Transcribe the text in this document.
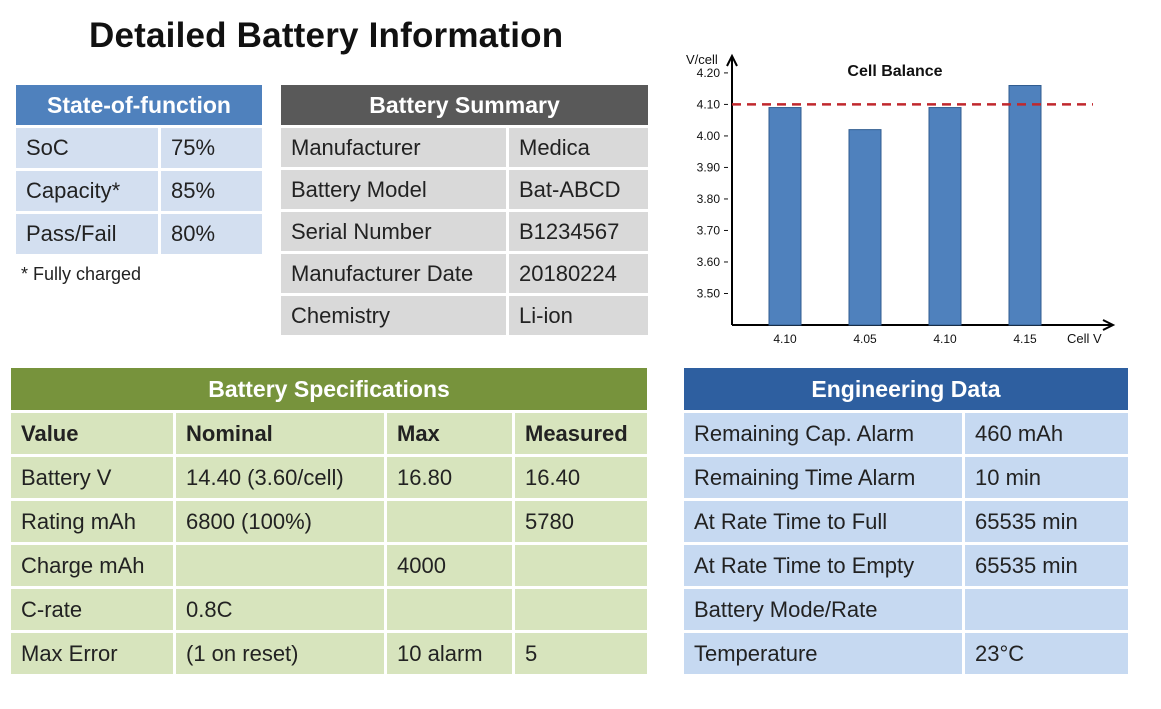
Detailed Battery Information
State-of-function	
SoC	75%
Capacity*	85%
Pass/Fail	80%
* Fully charged
Battery Summary	
Manufacturer	Medica
Battery Model	Bat-ABCD
Serial Number	B1234567
Manufacturer Date	20180224
Chemistry	Li-ion
Battery Specifications			
Value	Nominal	Max	Measured
Battery V	14.40 (3.60/cell)	16.80	16.40
Rating mAh	6800 (100%)		5780
Charge mAh		4000	
C-rate	0.8C		
Max Error	(1 on reset)	10 alarm	5
Engineering Data	
Remaining Cap. Alarm	460 mAh
Remaining Time Alarm	10 min
At Rate Time to Full	65535 min
At Rate Time to Empty	65535 min
Battery Mode/Rate	
Temperature	23°C
V/cell
Cell V
Cell Balance
4.20
4.10
4.00
3.90
3.80
3.70
3.60
3.50
4.10	4.05	4.10	4.15
